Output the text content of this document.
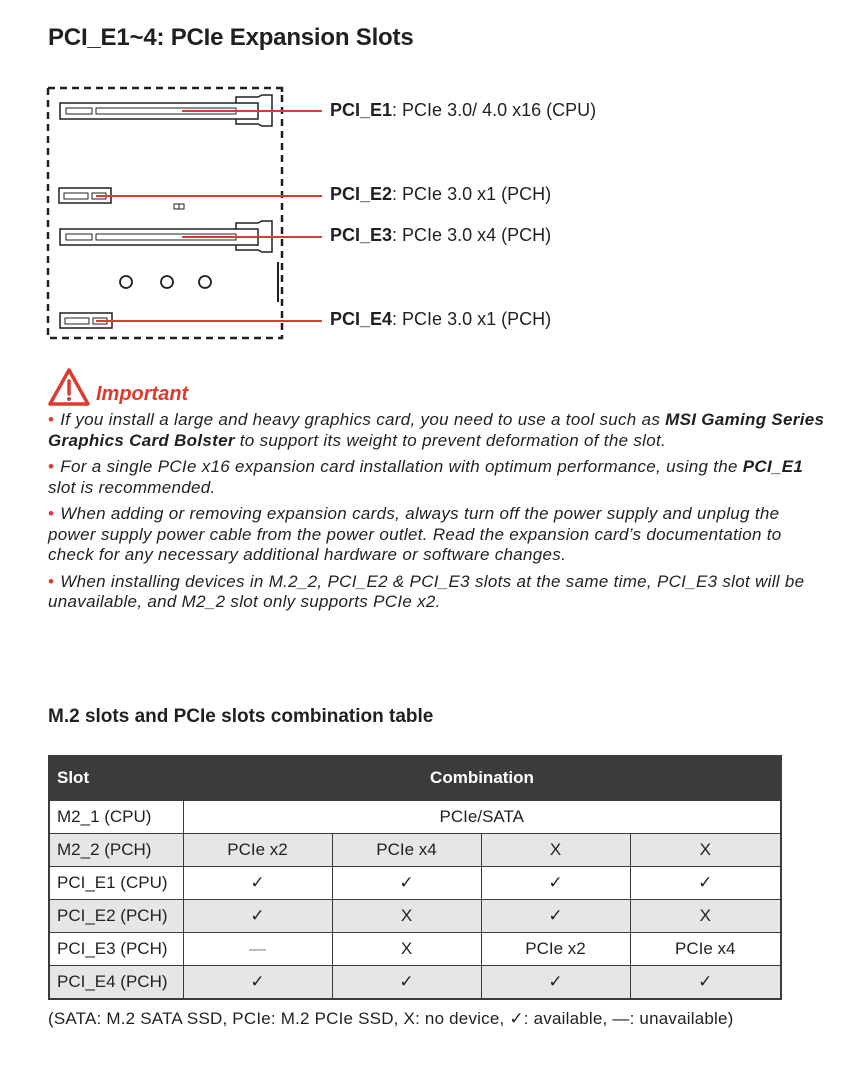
PCI_E1~4: PCIe Expansion Slots
PCI_E1: PCIe 3.0/ 4.0 x16 (CPU)
PCI_E2: PCIe 3.0 x1 (PCH)
PCI_E3: PCIe 3.0 x4 (PCH)
PCI_E4: PCIe 3.0 x1 (PCH)
Important
• If you install a large and heavy graphics card, you need to use a tool such as MSI Gaming Series Graphics Card Bolster to support its weight to prevent deformation of the slot.
• For a single PCIe x16 expansion card installation with optimum performance, using the PCI_E1 slot is recommended.
• When adding or removing expansion cards, always turn off the power supply and unplug the power supply power cable from the power outlet. Read the expansion card’s documentation to check for any necessary additional hardware or software changes.
• When installing devices in M.2_2, PCI_E2 & PCI_E3 slots at the same time, PCI_E3 slot will be unavailable, and M2_2 slot only supports PCIe x2.
M.2 slots and PCIe slots combination table
Slot	Combination			
M2_1 (CPU)	PCIe/SATA			
M2_2 (PCH)	PCIe x2	PCIe x4	X	X
PCI_E1 (CPU)	✓	✓	✓	✓
PCI_E2 (PCH)	✓	X	✓	X
PCI_E3 (PCH)	—	X	PCIe x2	PCIe x4
PCI_E4 (PCH)	✓	✓	✓	✓
(SATA: M.2 SATA SSD, PCIe: M.2 PCIe SSD, X: no device, ✓: available, —: unavailable)
